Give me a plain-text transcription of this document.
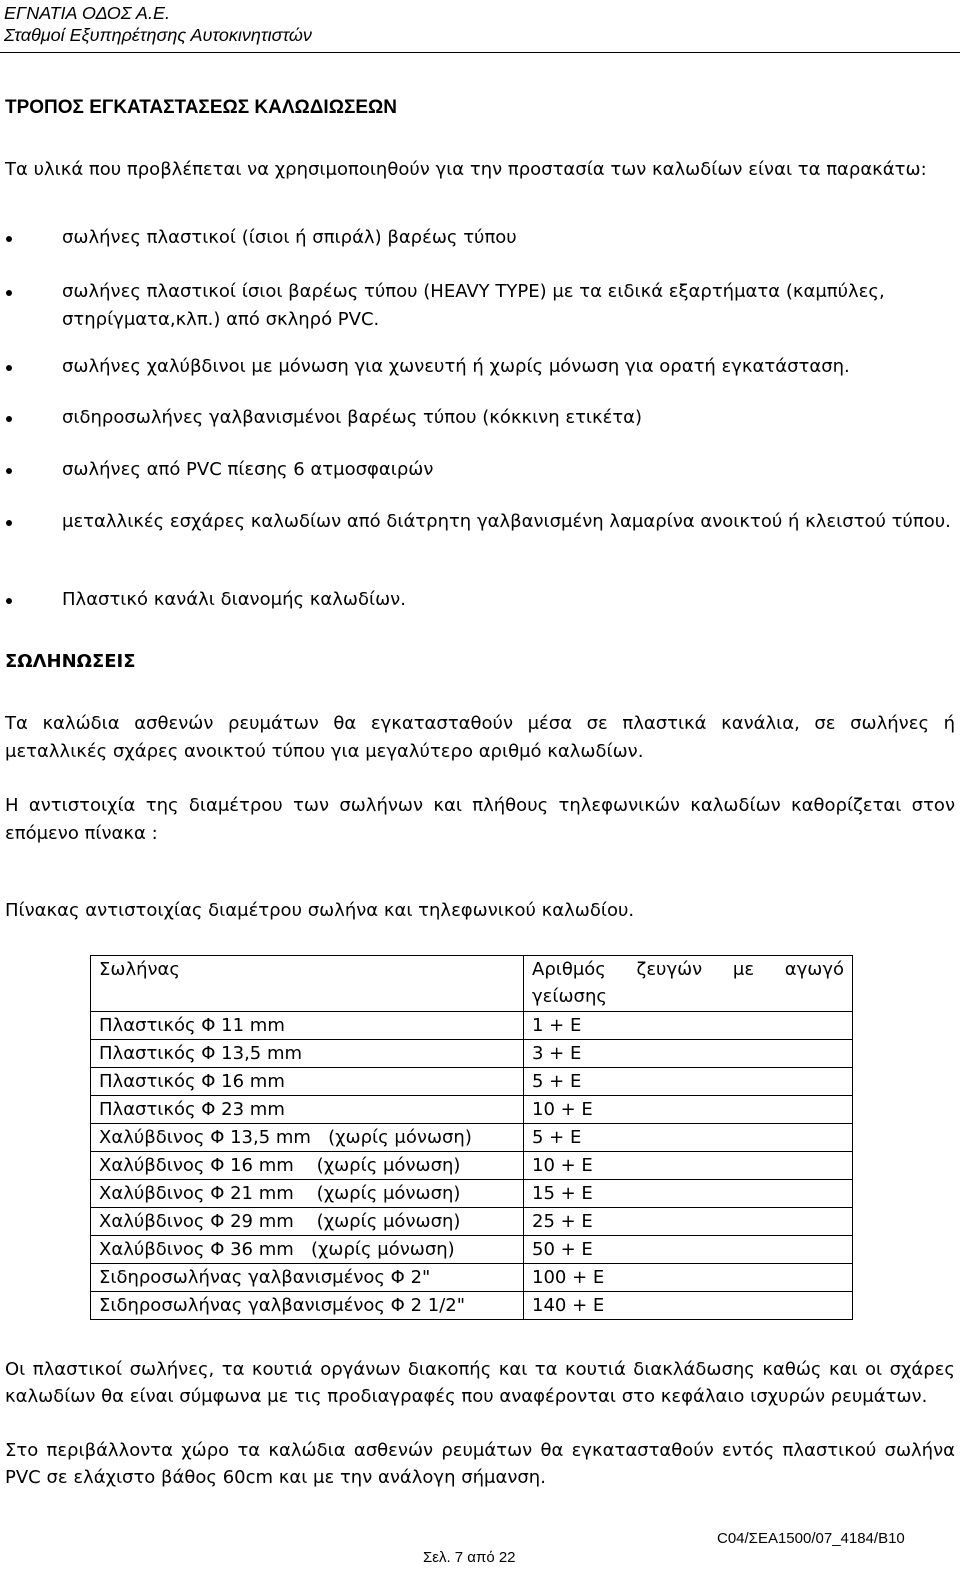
ΕΓΝΑΤΙΑ ΟΔΟΣ Α.Ε.
Σταθμοί Εξυπηρέτησης Αυτοκινητιστών
ΤΡΟΠΟΣ ΕΓΚΑΤΑΣΤΑΣΕΩΣ ΚΑΛΩΔΙΩΣΕΩΝ
Τα υλικά που προβλέπεται να χρησιμοποιηθούν για την προστασία των καλωδίων είναι τα παρακάτω:
σωλήνες πλαστικοί (ίσιοι ή σπιράλ) βαρέως τύπου
σωλήνες πλαστικοί ίσιοι βαρέως τύπου (HEAVY TYPE) με τα ειδικά εξαρτήματα (καμπύλες, στηρίγματα,κλπ.) από σκληρό PVC.
σωλήνες χαλύβδινοι με μόνωση για χωνευτή ή χωρίς μόνωση για ορατή εγκατάσταση.
σιδηροσωλήνες γαλβανισμένοι βαρέως τύπου (κόκκινη ετικέτα)
σωλήνες από PVC πίεσης 6 ατμοσφαιρών
μεταλλικές εσχάρες καλωδίων από διάτρητη γαλβανισμένη λαμαρίνα ανοικτού ή κλειστού τύπου.
Πλαστικό κανάλι διανομής καλωδίων.
ΣΩΛΗΝΩΣΕΙΣ
Τα καλώδια ασθενών ρευμάτων θα εγκατασταθούν μέσα σε πλαστικά κανάλια, σε σωλήνες ή μεταλλικές σχάρες ανοικτού τύπου για μεγαλύτερο αριθμό καλωδίων.
Η αντιστοιχία της διαμέτρου των σωλήνων και πλήθους τηλεφωνικών καλωδίων καθορίζεται στον επόμενο πίνακα :
Πίνακας αντιστοιχίας διαμέτρου σωλήνα και τηλεφωνικού καλωδίου.
Σωλήνας	Αριθμός ζευγών με αγωγό γείωσης
Πλαστικός Φ 11 mm	1 + Ε
Πλαστικός Φ 13,5 mm	3 + Ε
Πλαστικός Φ 16 mm	5 + Ε
Πλαστικός Φ 23 mm	10 + Ε
Χαλύβδινος Φ 13,5 mm   (χωρίς μόνωση)	5 + Ε
Χαλύβδινος Φ 16 mm    (χωρίς μόνωση)	10 + Ε
Χαλύβδινος Φ 21 mm    (χωρίς μόνωση)	15 + Ε
Χαλύβδινος Φ 29 mm    (χωρίς μόνωση)	25 + Ε
Χαλύβδινος Φ 36 mm   (χωρίς μόνωση)	50 + Ε
Σιδηροσωλήνας γαλβανισμένος Φ 2"	100 + Ε
Σιδηροσωλήνας γαλβανισμένος Φ 2 1/2"	140 + Ε
Οι πλαστικοί σωλήνες, τα κουτιά οργάνων διακοπής και τα κουτιά διακλάδωσης καθώς και οι σχάρες καλωδίων θα είναι σύμφωνα με τις προδιαγραφές που αναφέρονται στο κεφάλαιο ισχυρών ρευμάτων.
Στο περιβάλλοντα χώρο τα καλώδια ασθενών ρευμάτων θα εγκατασταθούν εντός πλαστικού σωλήνα PVC σε ελάχιστο βάθος 60cm και με την ανάλογη σήμανση.
C04/ΣΕΑ1500/07_4184/Β10
Σελ. 7 από 22
